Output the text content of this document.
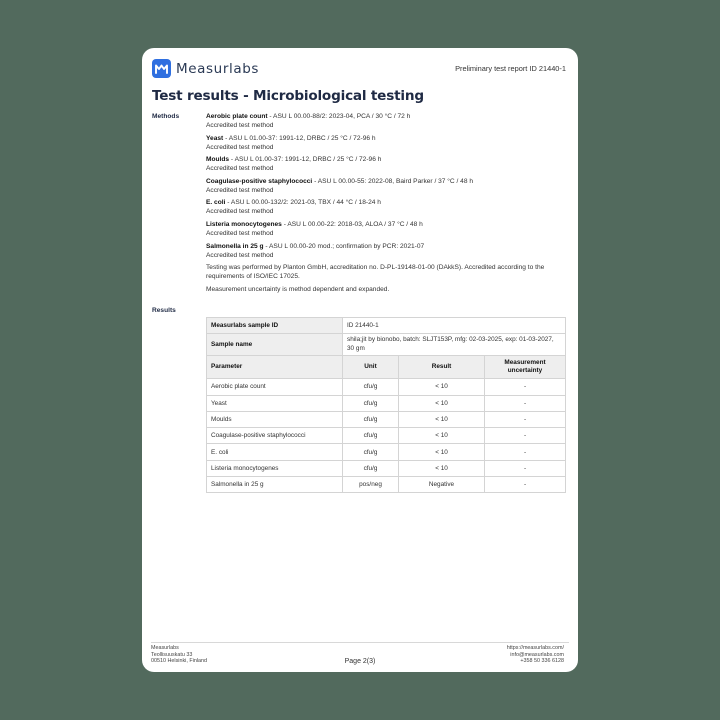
Measurlabs	Preliminary test report ID 21440-1
Test results - Microbiological testing
Methods	Aerobic plate count - ASU L 00.00-88/2: 2023-04, PCA / 30 °C / 72 h
Accredited test method
Yeast - ASU L 01.00-37: 1991-12, DRBC / 25 °C / 72-96 h
Accredited test method
Moulds - ASU L 01.00-37: 1991-12, DRBC / 25 °C / 72-96 h
Accredited test method
Coagulase-positive staphylococci - ASU L 00.00-55: 2022-08, Baird Parker / 37 °C / 48 h
Accredited test method
E. coli - ASU L 00.00-132/2: 2021-03, TBX / 44 °C / 18-24 h
Accredited test method
Listeria monocytogenes - ASU L 00.00-22: 2018-03, ALOA / 37 °C / 48 h
Accredited test method
Salmonella in 25 g - ASU L 00.00-20 mod.; confirmation by PCR: 2021-07
Accredited test method
Testing was performed by Planton GmbH, accreditation no. D-PL-19148-01-00 (DAkkS). Accredited according to the requirements of ISO/IEC 17025.
Measurement uncertainty is method dependent and expanded.
Results
Measurlabs sample ID	ID 21440-1		
Sample name	shila;jit by bionobo, batch: SLJT153P, mfg: 02-03-2025, exp: 01-03-2027, 30 gm		
Parameter	Unit	Result	Measurement uncertainty
Aerobic plate count	cfu/g	< 10	-
Yeast	cfu/g	< 10	-
Moulds	cfu/g	< 10	-
Coagulase-positive staphylococci	cfu/g	< 10	-
E. coli	cfu/g	< 10	-
Listeria monocytogenes	cfu/g	< 10	-
Salmonella in 25 g	pos/neg	Negative	-
Measurlabs
Teollisuuskatu 33
00510 Helsinki, Finland	Page 2(3)
https://measurlabs.com/
info@measurlabs.com
+358 50 336 6128
